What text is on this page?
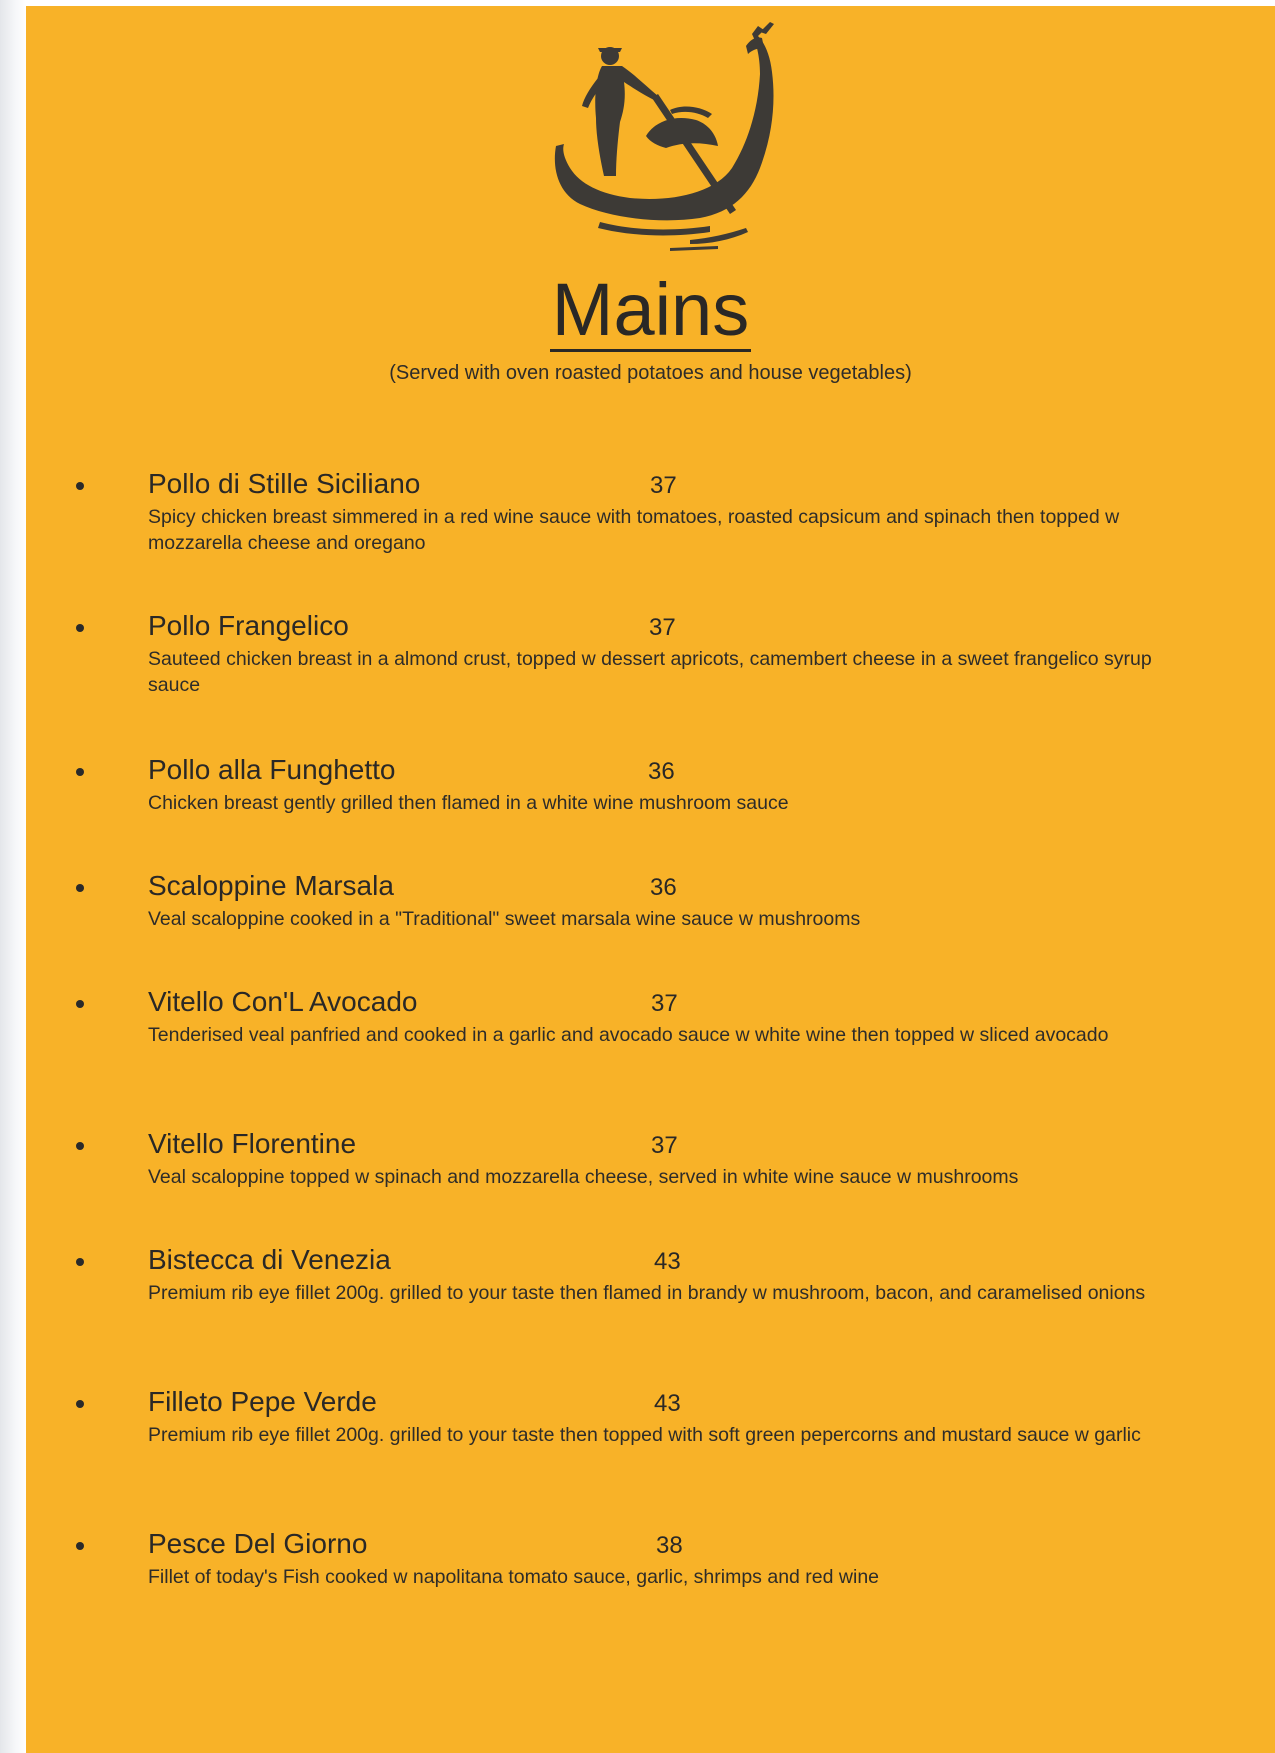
Mains
(Served with oven roasted potatoes and house vegetables)
Pollo di Stille Siciliano	37
Spicy chicken breast simmered in a red wine sauce with tomatoes, roasted capsicum and spinach then topped w mozzarella cheese and oregano
Pollo Frangelico	37
Sauteed chicken breast in a almond crust, topped w dessert apricots, camembert cheese in a sweet frangelico syrup sauce
Pollo alla Funghetto	36
Chicken breast gently grilled then flamed in a white wine mushroom sauce
Scaloppine Marsala	36
Veal scaloppine cooked in a "Traditional" sweet marsala wine sauce w mushrooms
Vitello Con'L Avocado	37
Tenderised veal panfried and cooked in a garlic and avocado sauce w white wine then topped w sliced avocado
Vitello Florentine	37
Veal scaloppine topped w spinach and mozzarella cheese, served in white wine sauce w mushrooms
Bistecca di Venezia	43
Premium rib eye fillet 200g. grilled to your taste then flamed in brandy w mushroom, bacon, and caramelised onions
Filleto Pepe Verde	43
Premium rib eye fillet 200g. grilled to your taste then topped with soft green pepercorns and mustard sauce w garlic
Pesce Del Giorno	38
Fillet of today's Fish cooked w napolitana tomato sauce, garlic, shrimps and red wine
